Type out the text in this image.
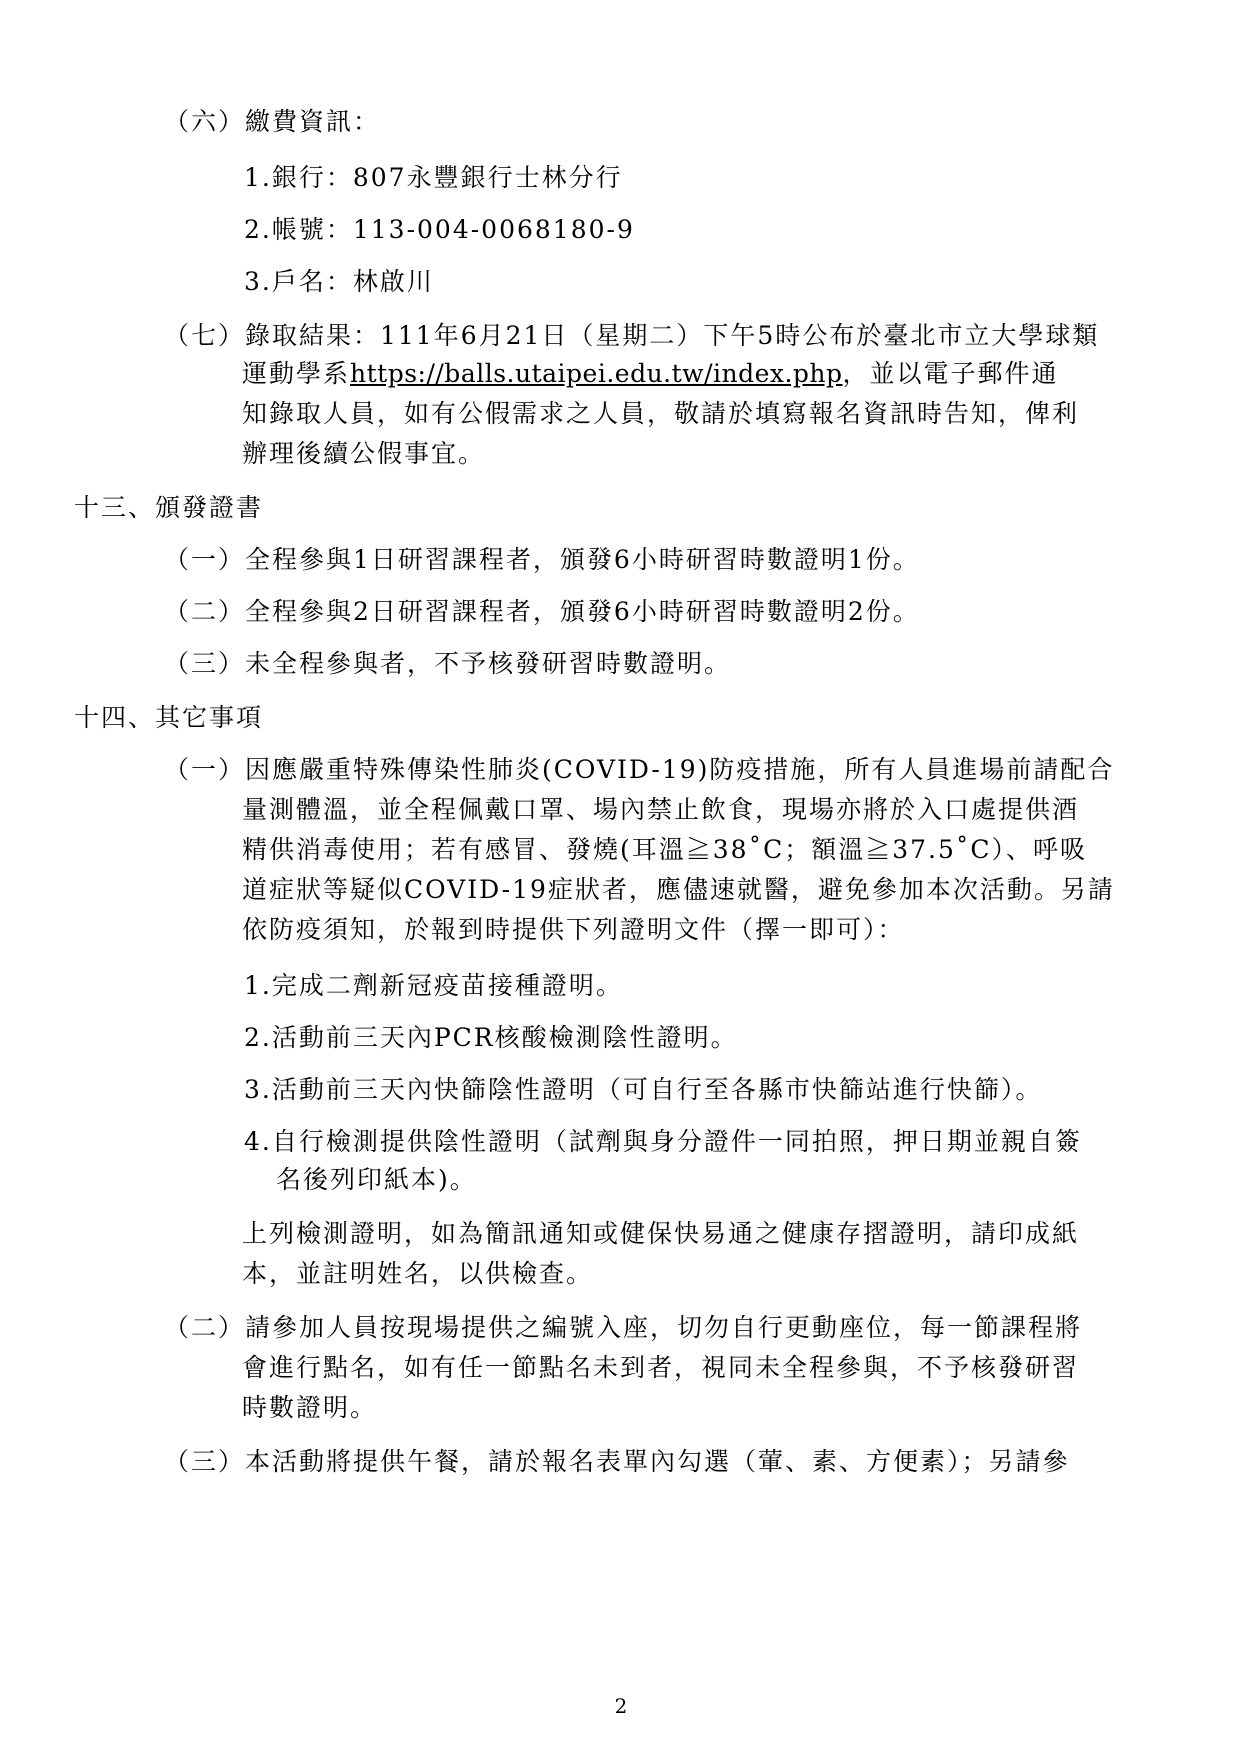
（六）繳費資訊：
1.銀行：807永豐銀行士林分行
2.帳號：113-004-0068180-9
3.戶名：林啟川
（七）錄取結果：111年6月21日（星期二）下午5時公布於臺北市立大學球類
運動學系https://balls.utaipei.edu.tw/index.php，並以電子郵件通
知錄取人員，如有公假需求之人員，敬請於填寫報名資訊時告知，俾利
辦理後續公假事宜。
十三、頒發證書
（一）全程參與1日研習課程者，頒發6小時研習時數證明1份。
（二）全程參與2日研習課程者，頒發6小時研習時數證明2份。
（三）未全程參與者，不予核發研習時數證明。
十四、其它事項
（一）因應嚴重特殊傳染性肺炎(COVID-19)防疫措施，所有人員進場前請配合
量測體溫，並全程佩戴口罩、場內禁止飲食，現場亦將於入口處提供酒
精供消毒使用；若有感冒、發燒(耳溫≧38˚C；額溫≧37.5˚C）、呼吸
道症狀等疑似COVID-19症狀者，應儘速就醫，避免參加本次活動。另請
依防疫須知，於報到時提供下列證明文件（擇一即可）：
1.完成二劑新冠疫苗接種證明。
2.活動前三天內PCR核酸檢測陰性證明。
3.活動前三天內快篩陰性證明（可自行至各縣市快篩站進行快篩）。
4.自行檢測提供陰性證明（試劑與身分證件一同拍照，押日期並親自簽
名後列印紙本)。
上列檢測證明，如為簡訊通知或健保快易通之健康存摺證明，請印成紙
本，並註明姓名，以供檢查。
（二）請參加人員按現場提供之編號入座，切勿自行更動座位，每一節課程將
會進行點名，如有任一節點名未到者，視同未全程參與，不予核發研習
時數證明。
（三）本活動將提供午餐，請於報名表單內勾選（葷、素、方便素）；另請參
2
